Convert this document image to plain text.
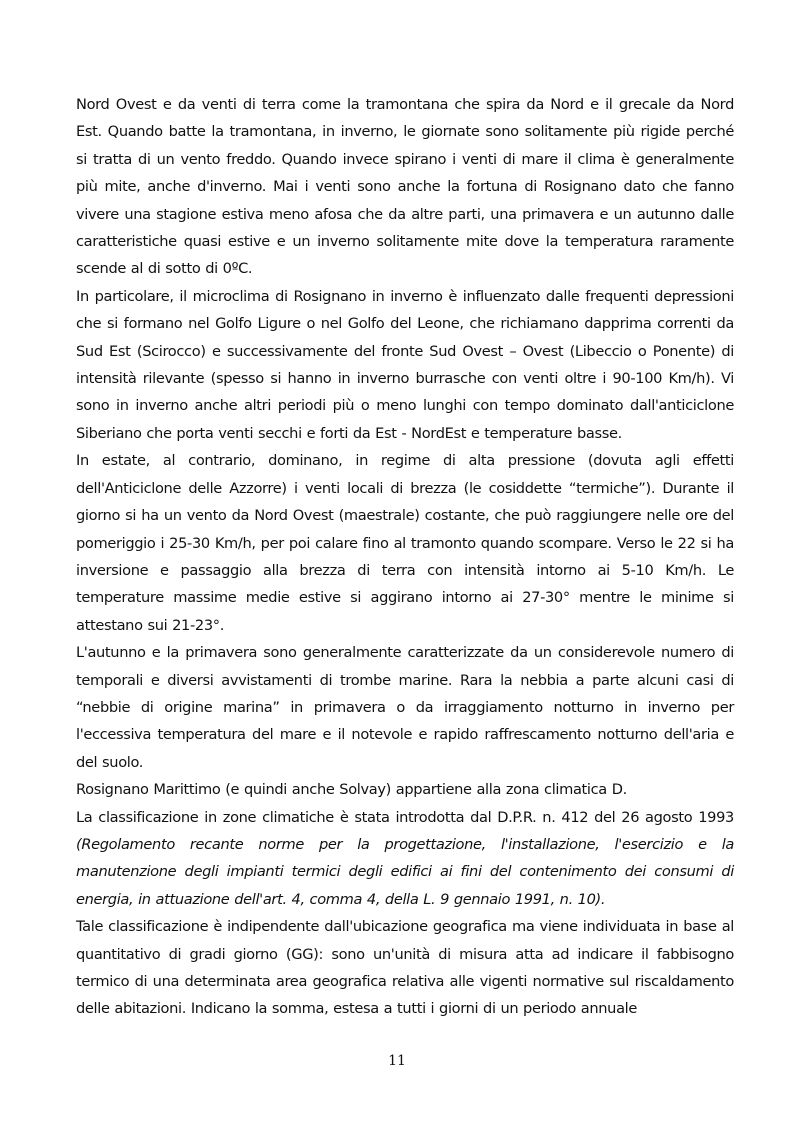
Nord Ovest e da venti di terra come la tramontana che spira da Nord e il grecale da Nord Est. Quando batte la tramontana, in inverno, le giornate sono solitamente più rigide perché si tratta di un vento freddo. Quando invece spirano i venti di mare il clima è generalmente più mite, anche d'inverno. Mai i venti sono anche la fortuna di Rosignano dato che fanno vivere una stagione estiva meno afosa che da altre parti, una primavera e un autunno dalle caratteristiche quasi estive e un inverno solitamente mite dove la temperatura raramente scende al di sotto di 0ºC.

In particolare, il microclima di Rosignano in inverno è influenzato dalle frequenti depressioni che si formano nel Golfo Ligure o nel Golfo del Leone, che richiamano dapprima correnti da Sud Est (Scirocco) e successivamente del fronte Sud Ovest – Ovest (Libeccio o Ponente) di intensità rilevante (spesso si hanno in inverno burrasche con venti oltre i 90-100 Km/h). Vi sono in inverno anche altri periodi più o meno lunghi con tempo dominato dall'anticiclone Siberiano che porta venti secchi e forti da Est - NordEst e temperature basse.

In estate, al contrario, dominano, in regime di alta pressione (dovuta agli effetti dell'Anticiclone delle Azzorre) i venti locali di brezza (le cosiddette “termiche”). Durante il giorno si ha un vento da Nord Ovest (maestrale) costante, che può raggiungere nelle ore del pomeriggio i 25-30 Km/h, per poi calare fino al tramonto quando scompare. Verso le 22 si ha inversione e passaggio alla brezza di terra con intensità intorno ai 5-10 Km/h. Le temperature massime medie estive si aggirano intorno ai 27-30° mentre le minime si attestano sui 21-23°.

L'autunno e la primavera sono generalmente caratterizzate da un considerevole numero di temporali e diversi avvistamenti di trombe marine. Rara la nebbia a parte alcuni casi di “nebbie di origine marina” in primavera o da irraggiamento notturno in inverno per l'eccessiva temperatura del mare e il notevole e rapido raffrescamento notturno dell'aria e del suolo.

Rosignano Marittimo (e quindi anche Solvay) appartiene alla zona climatica D.

La classificazione in zone climatiche è stata introdotta dal D.P.R. n. 412 del 26 agosto 1993 (Regolamento recante norme per la progettazione, l'installazione, l'esercizio e la manutenzione degli impianti termici degli edifici ai fini del contenimento dei consumi di energia, in attuazione dell'art. 4, comma 4, della L. 9 gennaio 1991, n. 10).

Tale classificazione è indipendente dall'ubicazione geografica ma viene individuata in base al quantitativo di gradi giorno (GG): sono un'unità di misura atta ad indicare il fabbisogno termico di una determinata area geografica relativa alle vigenti normative sul riscaldamento delle abitazioni. Indicano la somma, estesa a tutti i giorni di un periodo annuale

11
